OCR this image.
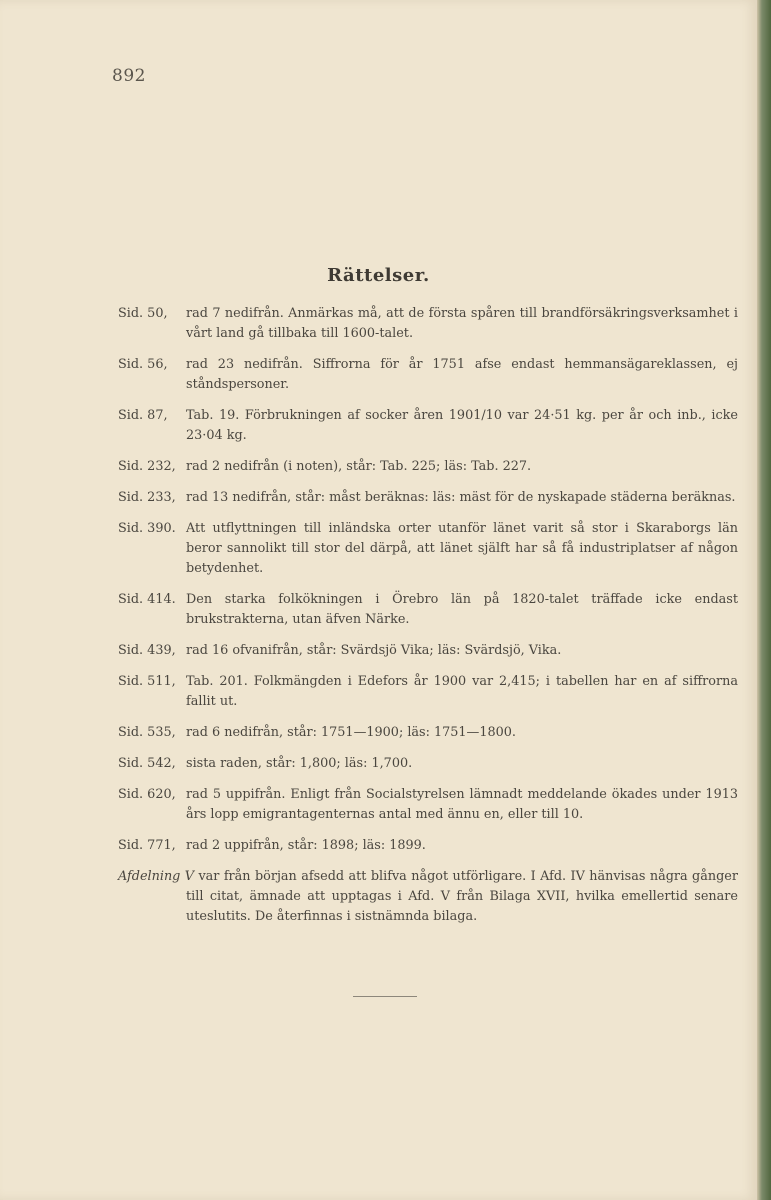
892
Rättelser.
Sid. 50,	rad 7 nedifrån. Anmärkas må, att de första spåren till brandförsäkringsverksamhet i vårt land gå tillbaka till 1600-talet.
Sid. 56,	rad 23 nedifrån. Siffrorna för år 1751 afse endast hemmansägareklassen, ej ståndspersoner.
Sid. 87,	Tab. 19. Förbrukningen af socker åren 1901/10 var 24·51 kg. per år och inb., icke 23·04 kg.
Sid. 232, rad 2 nedifrån (i noten), står: Tab. 225; läs: Tab. 227.
Sid. 233, rad 13 nedifrån, står: måst beräknas: läs: mäst för de nyskapade städerna beräknas.
Sid. 390. Att utflyttningen till inländska orter utanför länet varit så stor i Skaraborgs län beror sannolikt till stor del därpå, att länet själft har så få industriplatser af någon betydenhet.
Sid. 414. Den starka folkökningen i Örebro län på 1820-talet träffade icke endast brukstrakterna, utan äfven Närke.
Sid. 439, rad 16 ofvanifrån, står: Svärdsjö Vika; läs: Svärdsjö, Vika.
Sid. 511, Tab. 201. Folkmängden i Edefors år 1900 var 2,415; i tabellen har en af siffrorna fallit ut.
Sid. 535, rad 6 nedifrån, står: 1751—1900; läs: 1751—1800.
Sid. 542, sista raden, står: 1,800; läs: 1,700.
Sid. 620, rad 5 uppifrån. Enligt från Socialstyrelsen lämnadt meddelande ökades under 1913 års lopp emigrantagenternas antal med ännu en, eller till 10.
Sid. 771, rad 2 uppifrån, står: 1898; läs: 1899.
Afdelning V var från början afsedd att blifva något utförligare. I Afd. IV hänvisas några gånger till citat, ämnade att upptagas i Afd. V från Bilaga XVII, hvilka emellertid senare uteslutits. De återfinnas i sistnämnda bilaga.
